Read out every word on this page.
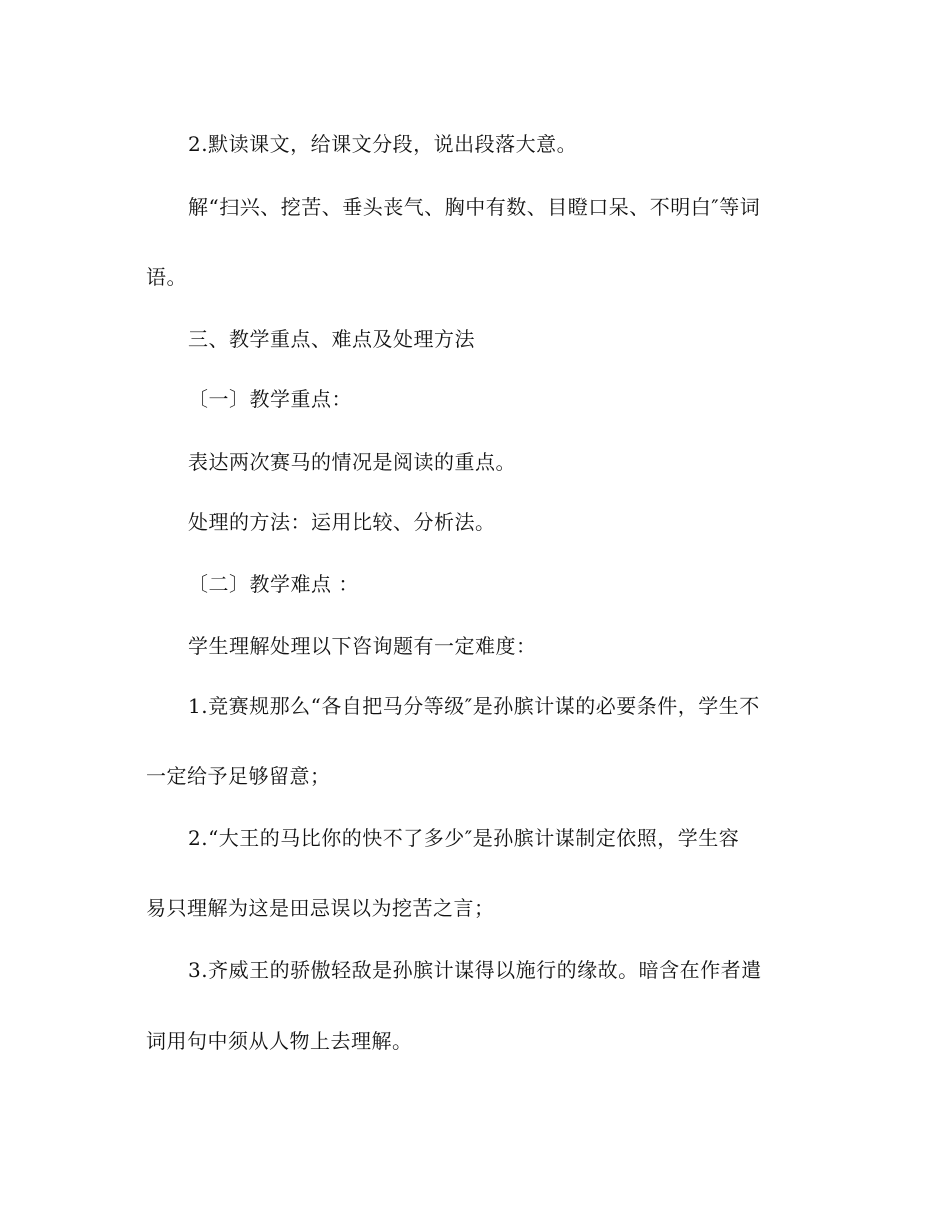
2.默读课文，给课文分段，说出段落大意。
解“扫兴、挖苦、垂头丧气、胸中有数、目瞪口呆、不明白″等词
语。
三、教学重点、难点及处理方法
〔一〕教学重点：
表达两次赛马的情况是阅读的重点。
处理的方法：运用比较、分析法。
〔二〕教学难点 ：
学生理解处理以下咨询题有一定难度：
1.竞赛规那么“各自把马分等级″是孙膑计谋的必要条件，学生不
一定给予足够留意；
2.“大王的马比你的快不了多少″是孙膑计谋制定依照，学生容
易只理解为这是田忌误以为挖苦之言；
3.齐威王的骄傲轻敌是孙膑计谋得以施行的缘故。暗含在作者遣
词用句中须从人物上去理解。
